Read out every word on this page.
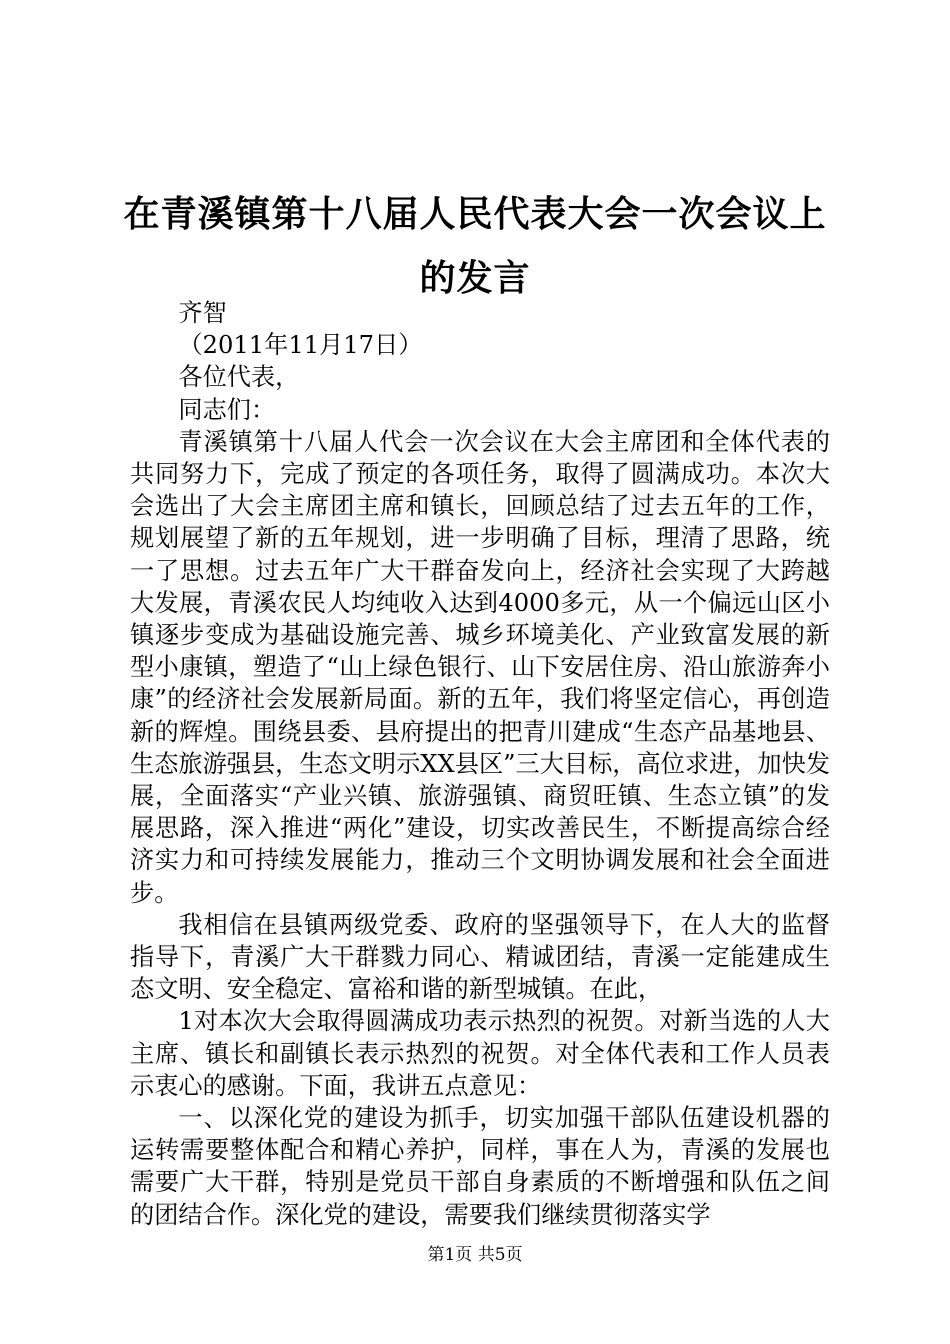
在青溪镇第十八届人民代表大会一次会议上的发言

齐智

（2011年11月17日）

各位代表，

同志们：

青溪镇第十八届人代会一次会议在大会主席团和全体代表的共同努力下，完成了预定的各项任务，取得了圆满成功。本次大会选出了大会主席团主席和镇长，回顾总结了过去五年的工作，规划展望了新的五年规划，进一步明确了目标，理清了思路，统一了思想。过去五年广大干群奋发向上，经济社会实现了大跨越大发展，青溪农民人均纯收入达到4000多元，从一个偏远山区小镇逐步变成为基础设施完善、城乡环境美化、产业致富发展的新型小康镇，塑造了“山上绿色银行、山下安居住房、沿山旅游奔小康”的经济社会发展新局面。新的五年，我们将坚定信心，再创造新的辉煌。围绕县委、县府提出的把青川建成“生态产品基地县、生态旅游强县，生态文明示XX县区”三大目标，高位求进，加快发展，全面落实“产业兴镇、旅游强镇、商贸旺镇、生态立镇”的发展思路，深入推进“两化”建设，切实改善民生，不断提高综合经济实力和可持续发展能力，推动三个文明协调发展和社会全面进步。

我相信在县镇两级党委、政府的坚强领导下，在人大的监督指导下，青溪广大干群戮力同心、精诚团结，青溪一定能建成生态文明、安全稳定、富裕和谐的新型城镇。在此，

1对本次大会取得圆满成功表示热烈的祝贺。对新当选的人大主席、镇长和副镇长表示热烈的祝贺。对全体代表和工作人员表示衷心的感谢。下面，我讲五点意见：

一、以深化党的建设为抓手，切实加强干部队伍建设机器的运转需要整体配合和精心养护，同样，事在人为，青溪的发展也需要广大干群，特别是党员干部自身素质的不断增强和队伍之间的团结合作。深化党的建设，需要我们继续贯彻落实学

第1页 共5页
